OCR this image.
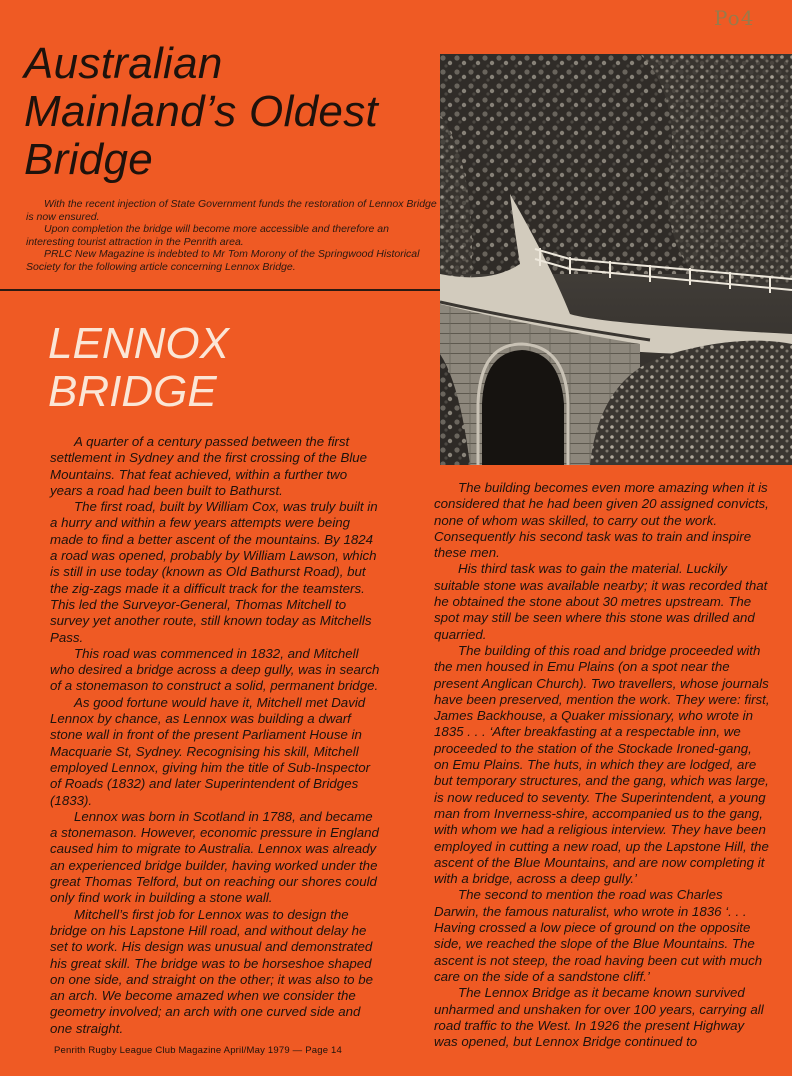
Po4
Australian
Mainland’s Oldest
Bridge

With the recent injection of State Government funds the restoration of Lennox Bridge is now ensured.

Upon completion the bridge will become more accessible and therefore an interesting tourist attraction in the Penrith area.

PRLC New Magazine is indebted to Mr Tom Morony of the Springwood Historical Society for the following article concerning Lennox Bridge.

LENNOX
BRIDGE

A quarter of a century passed between the first settlement in Sydney and the first crossing of the Blue Mountains. That feat achieved, within a further two years a road had been built to Bathurst.

The first road, built by William Cox, was truly built in a hurry and within a few years attempts were being made to find a better ascent of the mountains. By 1824 a road was opened, probably by William Lawson, which is still in use today (known as Old Bathurst Road), but the zig-zags made it a difficult track for the teamsters. This led the Surveyor-General, Thomas Mitchell to survey yet another route, still known today as Mitchells Pass.

This road was commenced in 1832, and Mitchell who desired a bridge across a deep gully, was in search of a stonemason to construct a solid, permanent bridge.

As good fortune would have it, Mitchell met David Lennox by chance, as Lennox was building a dwarf stone wall in front of the present Parliament House in Macquarie St, Sydney. Recognising his skill, Mitchell employed Lennox, giving him the title of Sub-Inspector of Roads (1832) and later Superintendent of Bridges (1833).

Lennox was born in Scotland in 1788, and became a stonemason. However, economic pressure in England caused him to migrate to Australia. Lennox was already an experienced bridge builder, having worked under the great Thomas Telford, but on reaching our shores could only find work in building a stone wall.

Mitchell’s first job for Lennox was to design the bridge on his Lapstone Hill road, and without delay he set to work. His design was unusual and demonstrated his great skill. The bridge was to be horseshoe shaped on one side, and straight on the other; it was also to be an arch. We become amazed when we consider the geometry involved; an arch with one curved side and one straight.

The building becomes even more amazing when it is considered that he had been given 20 assigned convicts, none of whom was skilled, to carry out the work. Consequently his second task was to train and inspire these men.

His third task was to gain the material. Luckily suitable stone was available nearby; it was recorded that he obtained the stone about 30 metres upstream. The spot may still be seen where this stone was drilled and quarried.

The building of this road and bridge proceeded with the men housed in Emu Plains (on a spot near the present Anglican Church). Two travellers, whose journals have been preserved, mention the work. They were: first, James Backhouse, a Quaker missionary, who wrote in 1835 . . . ‘After breakfasting at a respectable inn, we proceeded to the station of the Stockade Ironed-gang, on Emu Plains. The huts, in which they are lodged, are but temporary structures, and the gang, which was large, is now reduced to seventy. The Superintendent, a young man from Inverness-shire, accompanied us to the gang, with whom we had a religious interview. They have been employed in cutting a new road, up the Lapstone Hill, the ascent of the Blue Mountains, and are now completing it with a bridge, across a deep gully.’

The second to mention the road was Charles Darwin, the famous naturalist, who wrote in 1836 ‘. . . Having crossed a low piece of ground on the opposite side, we reached the slope of the Blue Mountains. The ascent is not steep, the road having been cut with much care on the side of a sandstone cliff.’

The Lennox Bridge as it became known survived unharmed and unshaken for over 100 years, carrying all road traffic to the West. In 1926 the present Highway was opened, but Lennox Bridge continued to

Penrith Rugby League Club Magazine April/May 1979 — Page 14
